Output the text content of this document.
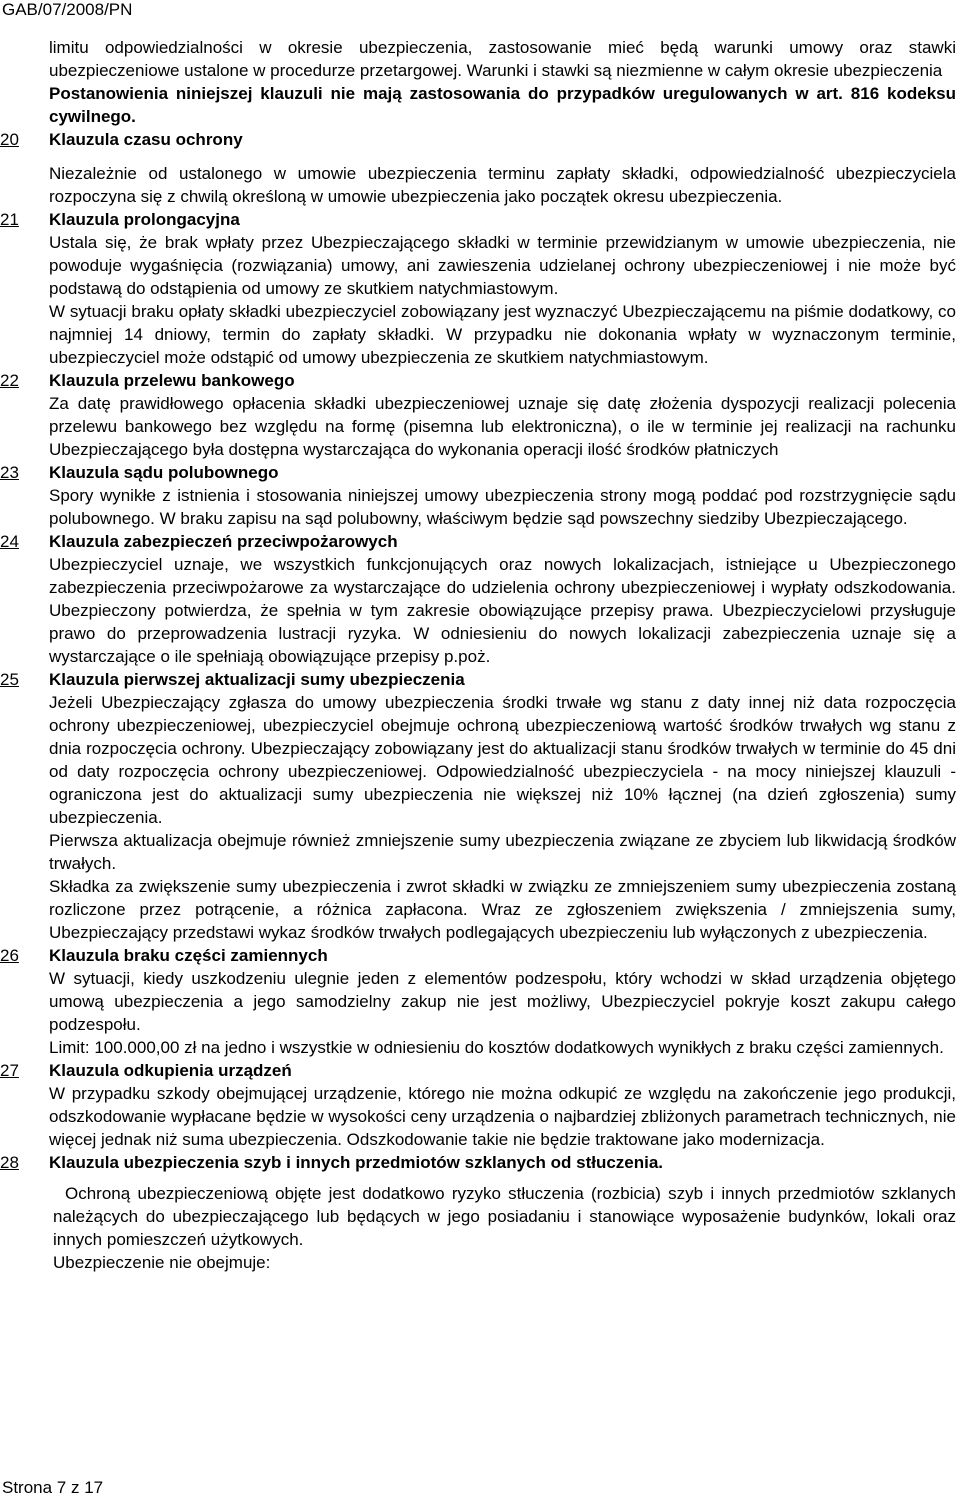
GAB/07/2008/PN

limitu odpowiedzialności w okresie ubezpieczenia, zastosowanie mieć będą warunki umowy oraz stawki ubezpieczeniowe ustalone w procedurze przetargowej. Warunki i stawki są niezmienne w całym okresie ubezpieczenia

Postanowienia niniejszej klauzuli nie mają zastosowania do przypadków uregulowanych w art. 816 kodeksu cywilnego.

20	Klauzula czasu ochrony

Niezależnie od ustalonego w umowie ubezpieczenia terminu zapłaty składki, odpowiedzialność ubezpieczyciela rozpoczyna się z chwilą określoną w umowie ubezpieczenia jako początek okresu ubezpieczenia.

21	Klauzula prolongacyjna

Ustala się, że brak wpłaty przez Ubezpieczającego składki w terminie przewidzianym w umowie ubezpieczenia, nie powoduje wygaśnięcia (rozwiązania) umowy, ani zawieszenia udzielanej ochrony ubezpieczeniowej i nie może być podstawą do odstąpienia od umowy ze skutkiem natychmiastowym.

W sytuacji braku opłaty składki ubezpieczyciel zobowiązany jest wyznaczyć Ubezpieczającemu na piśmie dodatkowy, co najmniej 14 dniowy, termin do zapłaty składki. W przypadku nie dokonania wpłaty w wyznaczonym terminie, ubezpieczyciel może odstąpić od umowy ubezpieczenia ze skutkiem natychmiastowym.

22	Klauzula przelewu bankowego

Za datę prawidłowego opłacenia składki ubezpieczeniowej uznaje się datę złożenia dyspozycji realizacji polecenia przelewu bankowego bez względu na formę (pisemna lub elektroniczna), o ile w terminie jej realizacji na rachunku Ubezpieczającego była dostępna wystarczająca do wykonania operacji ilość środków płatniczych

23	Klauzula sądu polubownego

Spory wynikłe z istnienia i stosowania niniejszej umowy ubezpieczenia strony mogą poddać pod rozstrzygnięcie sądu polubownego. W braku zapisu na sąd polubowny, właściwym będzie sąd powszechny siedziby Ubezpieczającego.

24	Klauzula zabezpieczeń przeciwpożarowych

Ubezpieczyciel uznaje, we wszystkich funkcjonujących oraz nowych lokalizacjach, istniejące u Ubezpieczonego zabezpieczenia przeciwpożarowe za wystarczające do udzielenia ochrony ubezpieczeniowej i wypłaty odszkodowania. Ubezpieczony potwierdza, że spełnia w tym zakresie obowiązujące przepisy prawa. Ubezpieczycielowi przysługuje prawo do przeprowadzenia lustracji ryzyka. W odniesieniu do nowych lokalizacji zabezpieczenia uznaje się a wystarczające o ile spełniają obowiązujące przepisy p.poż.

25	Klauzula pierwszej aktualizacji sumy ubezpieczenia

Jeżeli Ubezpieczający zgłasza do umowy ubezpieczenia środki trwałe wg stanu z daty innej niż data rozpoczęcia ochrony ubezpieczeniowej, ubezpieczyciel obejmuje ochroną ubezpieczeniową wartość środków trwałych wg stanu z dnia rozpoczęcia ochrony. Ubezpieczający zobowiązany jest do aktualizacji stanu środków trwałych w terminie do 45 dni od daty rozpoczęcia ochrony ubezpieczeniowej. Odpowiedzialność ubezpieczyciela - na mocy niniejszej klauzuli - ograniczona jest do aktualizacji sumy ubezpieczenia nie większej niż 10% łącznej (na dzień zgłoszenia) sumy ubezpieczenia.

Pierwsza aktualizacja obejmuje również zmniejszenie sumy ubezpieczenia związane ze zbyciem lub likwidacją środków trwałych.

Składka za zwiększenie sumy ubezpieczenia i zwrot składki w związku ze zmniejszeniem sumy ubezpieczenia zostaną rozliczone przez potrącenie, a różnica zapłacona. Wraz ze zgłoszeniem zwiększenia / zmniejszenia sumy, Ubezpieczający przedstawi wykaz środków trwałych podlegających ubezpieczeniu lub wyłączonych z ubezpieczenia.

26	Klauzula braku części zamiennych

W sytuacji, kiedy uszkodzeniu ulegnie jeden z elementów podzespołu, który wchodzi w skład urządzenia objętego umową ubezpieczenia a jego samodzielny zakup nie jest możliwy, Ubezpieczyciel pokryje koszt zakupu całego podzespołu.

Limit: 100.000,00 zł na jedno i wszystkie w odniesieniu do kosztów dodatkowych wynikłych z braku części zamiennych.

27	Klauzula odkupienia urządzeń

W przypadku szkody obejmującej urządzenie, którego nie można odkupić ze względu na zakończenie jego produkcji, odszkodowanie wypłacane będzie w wysokości ceny urządzenia o najbardziej zbliżonych parametrach technicznych, nie więcej jednak niż suma ubezpieczenia. Odszkodowanie takie nie będzie traktowane jako modernizacja.

28	Klauzula ubezpieczenia szyb i innych przedmiotów szklanych od stłuczenia.

Ochroną ubezpieczeniową objęte jest dodatkowo ryzyko stłuczenia (rozbicia) szyb i innych przedmiotów szklanych należących do ubezpieczającego lub będących w jego posiadaniu i stanowiące wyposażenie budynków, lokali oraz innych pomieszczeń użytkowych.

Ubezpieczenie nie obejmuje:

Strona 7 z 17
